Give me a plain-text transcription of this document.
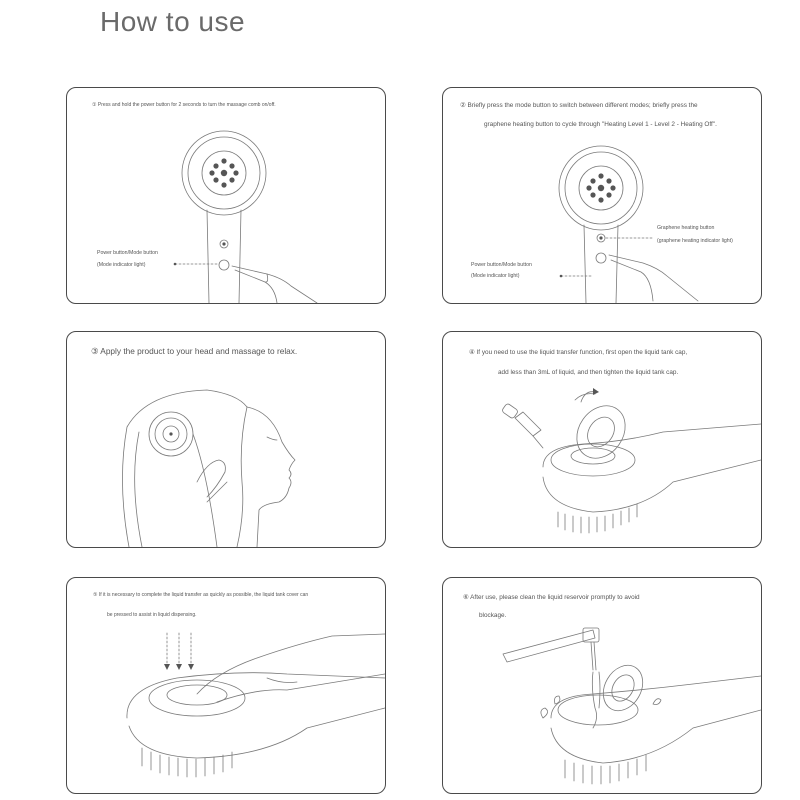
How to use
① Press and hold the power button for 2 seconds to turn the massage comb on/off.
Power button/Mode button
(Mode indicator light)
② Briefly press the mode button to switch between different modes; briefly press the
graphene heating button to cycle through "Heating Level 1 - Level 2 - Heating Off".
Graphene heating button
(graphene heating indicator light)
Power button/Mode button
(Mode indicator light)
③ Apply the product to your head and massage to relax.	④ If you need to use the liquid transfer function, first open the liquid tank cap,
add less than 3mL of liquid, and then tighten the liquid tank cap.
⑤ If it is necessary to complete the liquid transfer as quickly as possible, the liquid tank cover can
be pressed to assist in liquid dispensing.
⑥ After use, please clean the liquid reservoir promptly to avoid
blockage.
